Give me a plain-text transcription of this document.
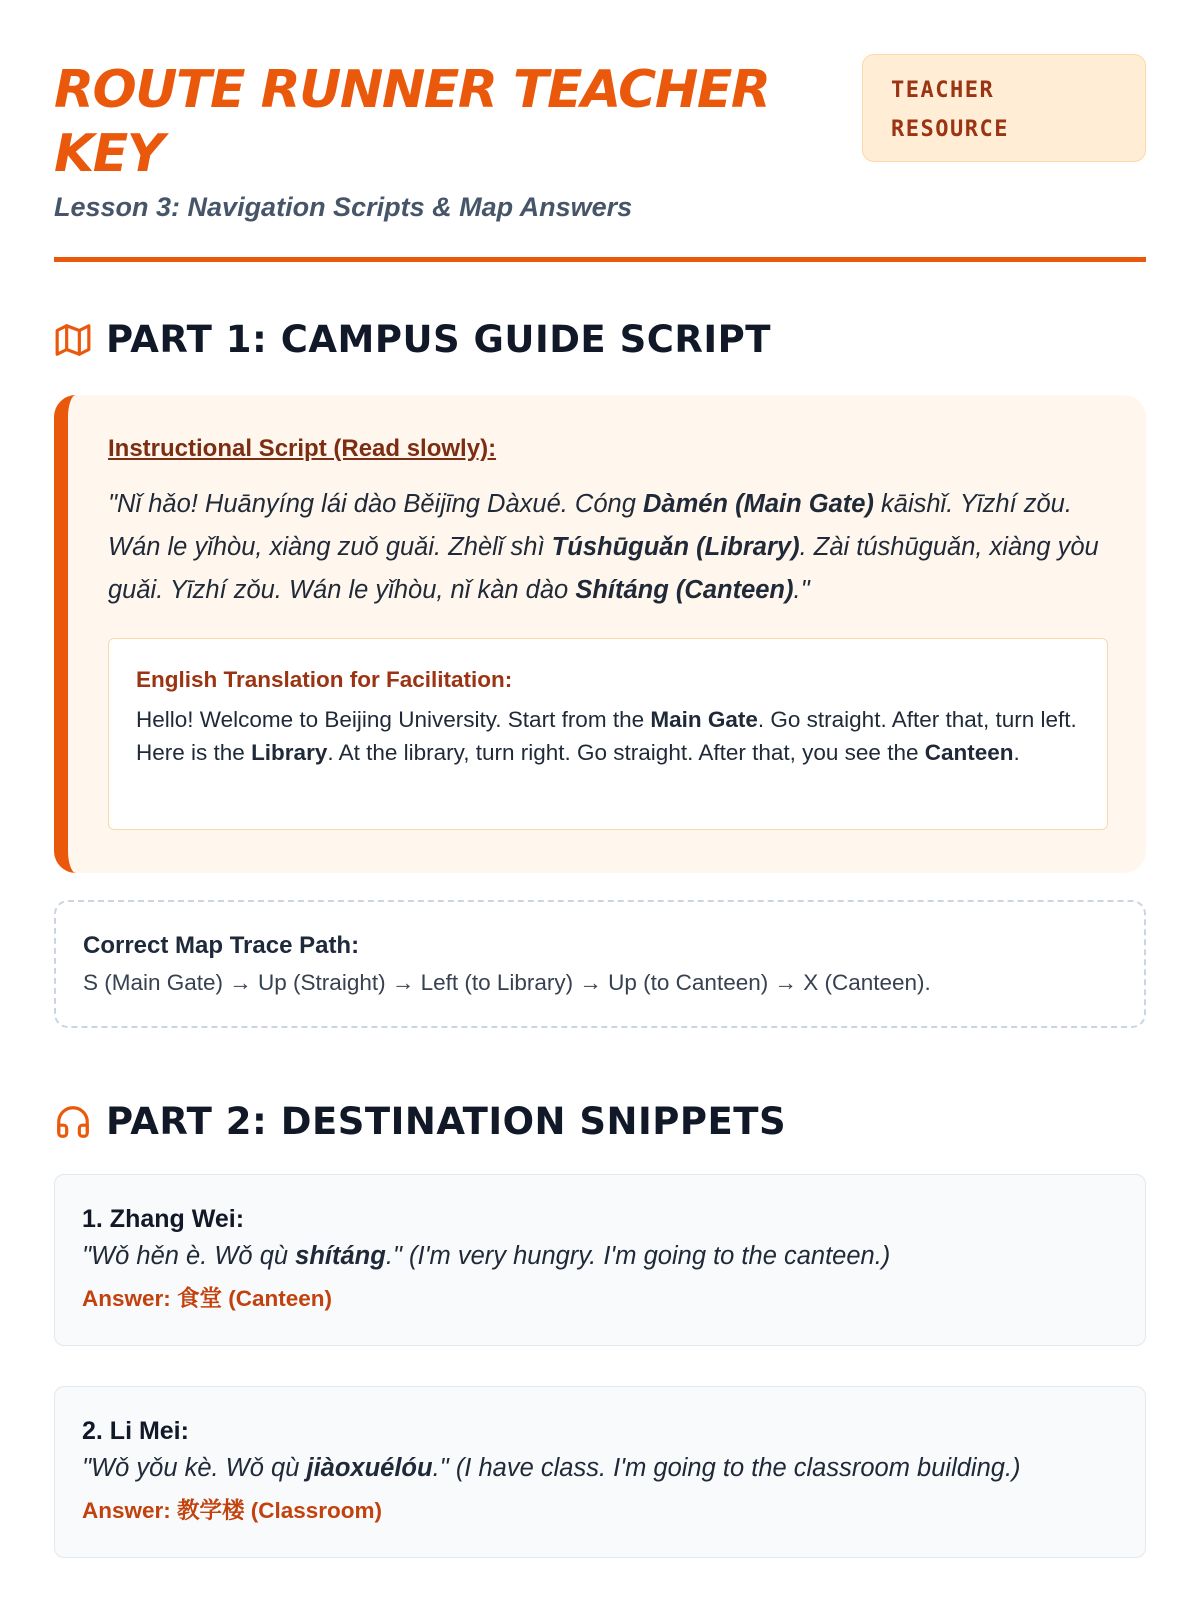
ROUTE RUNNER TEACHER KEY
Lesson 3: Navigation Scripts & Map Answers
TEACHER
RESOURCE
PART 1: CAMPUS GUIDE SCRIPT
Instructional Script (Read slowly):

"Nǐ hǎo! Huānyíng lái dào Běijīng Dàxué. Cóng Dàmén (Main Gate) kāishǐ. Yīzhí zǒu. Wán le yǐhòu, xiàng zuǒ guǎi. Zhèlǐ shì Túshūguǎn (Library). Zài túshūguǎn, xiàng yòu guǎi. Yīzhí zǒu. Wán le yǐhòu, nǐ kàn dào Shítáng (Canteen)."

English Translation for Facilitation:

Hello! Welcome to Beijing University. Start from the Main Gate. Go straight. After that, turn left. Here is the Library. At the library, turn right. Go straight. After that, you see the Canteen.

Correct Map Trace Path:
S (Main Gate) → Up (Straight) → Left (to Library) → Up (to Canteen) → X (Canteen).
PART 2: DESTINATION SNIPPETS
1. Zhang Wei:
"Wǒ hěn è. Wǒ qù shítáng." (I'm very hungry. I'm going to the canteen.)
Answer: 食堂 (Canteen)
2. Li Mei:
"Wǒ yǒu kè. Wǒ qù jiàoxuélóu." (I have class. I'm going to the classroom building.)
Answer: 教学楼 (Classroom)
